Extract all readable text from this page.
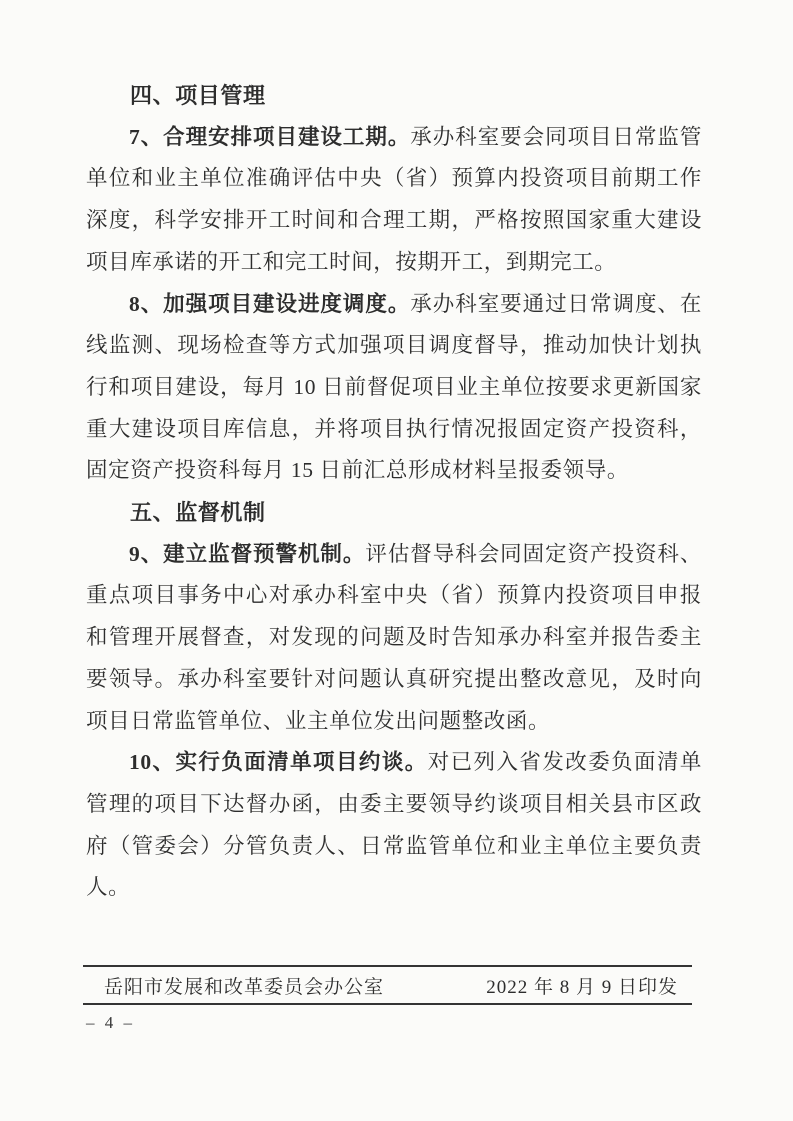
四、项目管理

7、合理安排项目建设工期。承办科室要会同项目日常监管单位和业主单位准确评估中央（省）预算内投资项目前期工作深度，科学安排开工时间和合理工期，严格按照国家重大建设项目库承诺的开工和完工时间，按期开工，到期完工。

8、加强项目建设进度调度。承办科室要通过日常调度、在线监测、现场检查等方式加强项目调度督导，推动加快计划执行和项目建设，每月 10 日前督促项目业主单位按要求更新国家重大建设项目库信息，并将项目执行情况报固定资产投资科，固定资产投资科每月 15 日前汇总形成材料呈报委领导。

五、监督机制

9、建立监督预警机制。评估督导科会同固定资产投资科、重点项目事务中心对承办科室中央（省）预算内投资项目申报和管理开展督查，对发现的问题及时告知承办科室并报告委主要领导。承办科室要针对问题认真研究提出整改意见，及时向项目日常监管单位、业主单位发出问题整改函。

10、实行负面清单项目约谈。对已列入省发改委负面清单管理的项目下达督办函，由委主要领导约谈项目相关县市区政府（管委会）分管负责人、日常监管单位和业主单位主要负责人。

岳阳市发展和改革委员会办公室	2022 年 8 月 9 日印发
– 4 –
